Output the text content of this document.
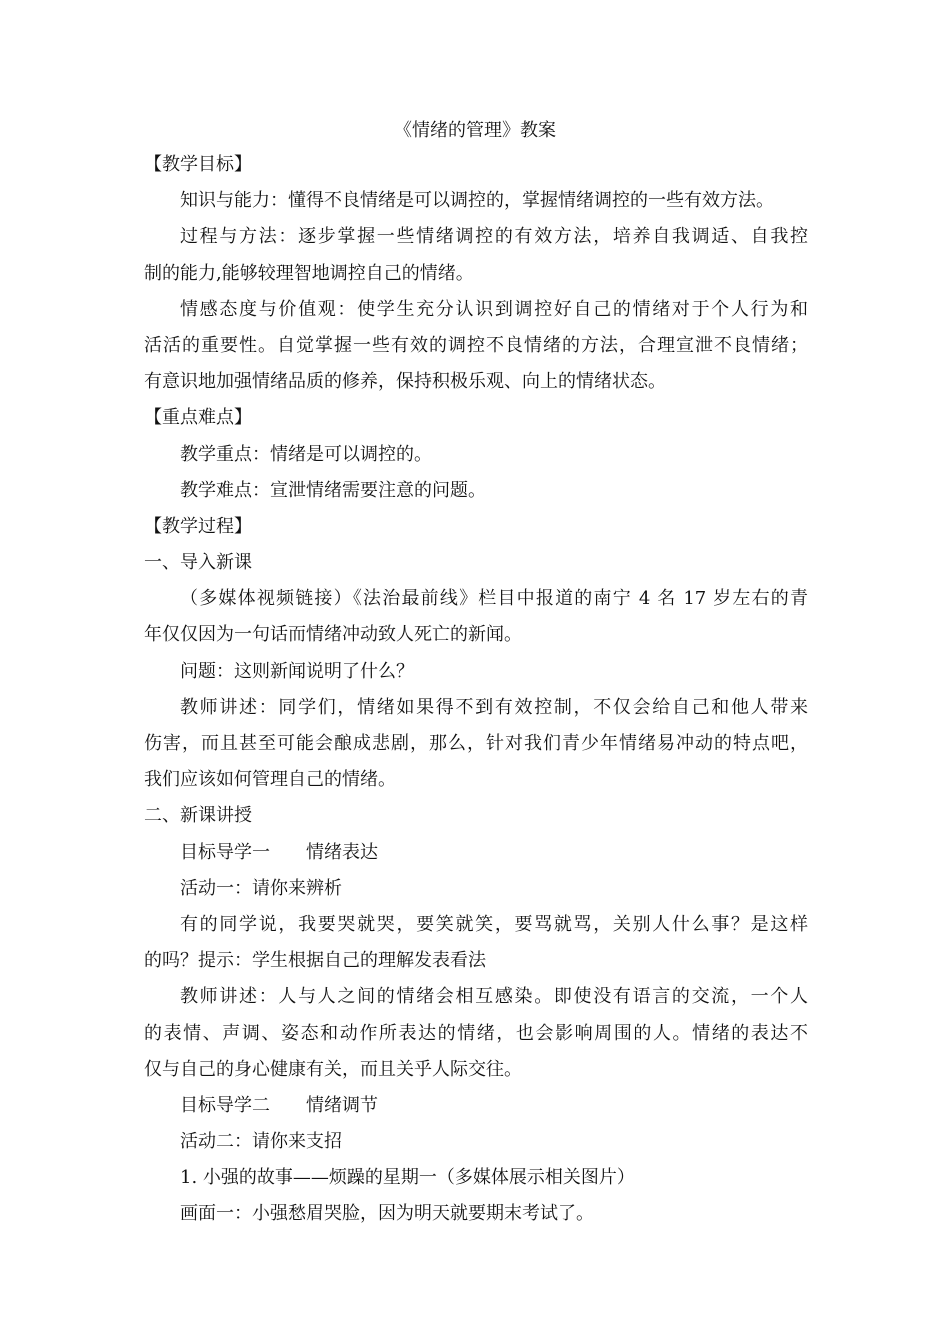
《情绪的管理》教案
【教学目标】
知识与能力：懂得不良情绪是可以调控的，掌握情绪调控的一些有效方法。
过程与方法：逐步掌握一些情绪调控的有效方法，培养自我调适、自我控
制的能力,能够较理智地调控自己的情绪。
情感态度与价值观：使学生充分认识到调控好自己的情绪对于个人行为和
活活的重要性。自觉掌握一些有效的调控不良情绪的方法，合理宣泄不良情绪；
有意识地加强情绪品质的修养，保持积极乐观、向上的情绪状态。
【重点难点】
教学重点：情绪是可以调控的。
教学难点：宣泄情绪需要注意的问题。
【教学过程】
一、导入新课
（多媒体视频链接）《法治最前线》栏目中报道的南宁 4 名 17 岁左右的青
年仅仅因为一句话而情绪冲动致人死亡的新闻。
问题：这则新闻说明了什么？
教师讲述：同学们，情绪如果得不到有效控制，不仅会给自己和他人带来
伤害，而且甚至可能会酿成悲剧，那么，针对我们青少年情绪易冲动的特点吧，
我们应该如何管理自己的情绪。
二、新课讲授
目标导学一 情绪表达
活动一：请你来辨析
有的同学说，我要哭就哭，要笑就笑，要骂就骂，关别人什么事？是这样
的吗？提示：学生根据自己的理解发表看法
教师讲述：人与人之间的情绪会相互感染。即使没有语言的交流，一个人
的表情、声调、姿态和动作所表达的情绪，也会影响周围的人。情绪的表达不
仅与自己的身心健康有关，而且关乎人际交往。
目标导学二 情绪调节
活动二：请你来支招
1. 小强的故事——烦躁的星期一（多媒体展示相关图片）
画面一：小强愁眉哭脸，因为明天就要期末考试了。
